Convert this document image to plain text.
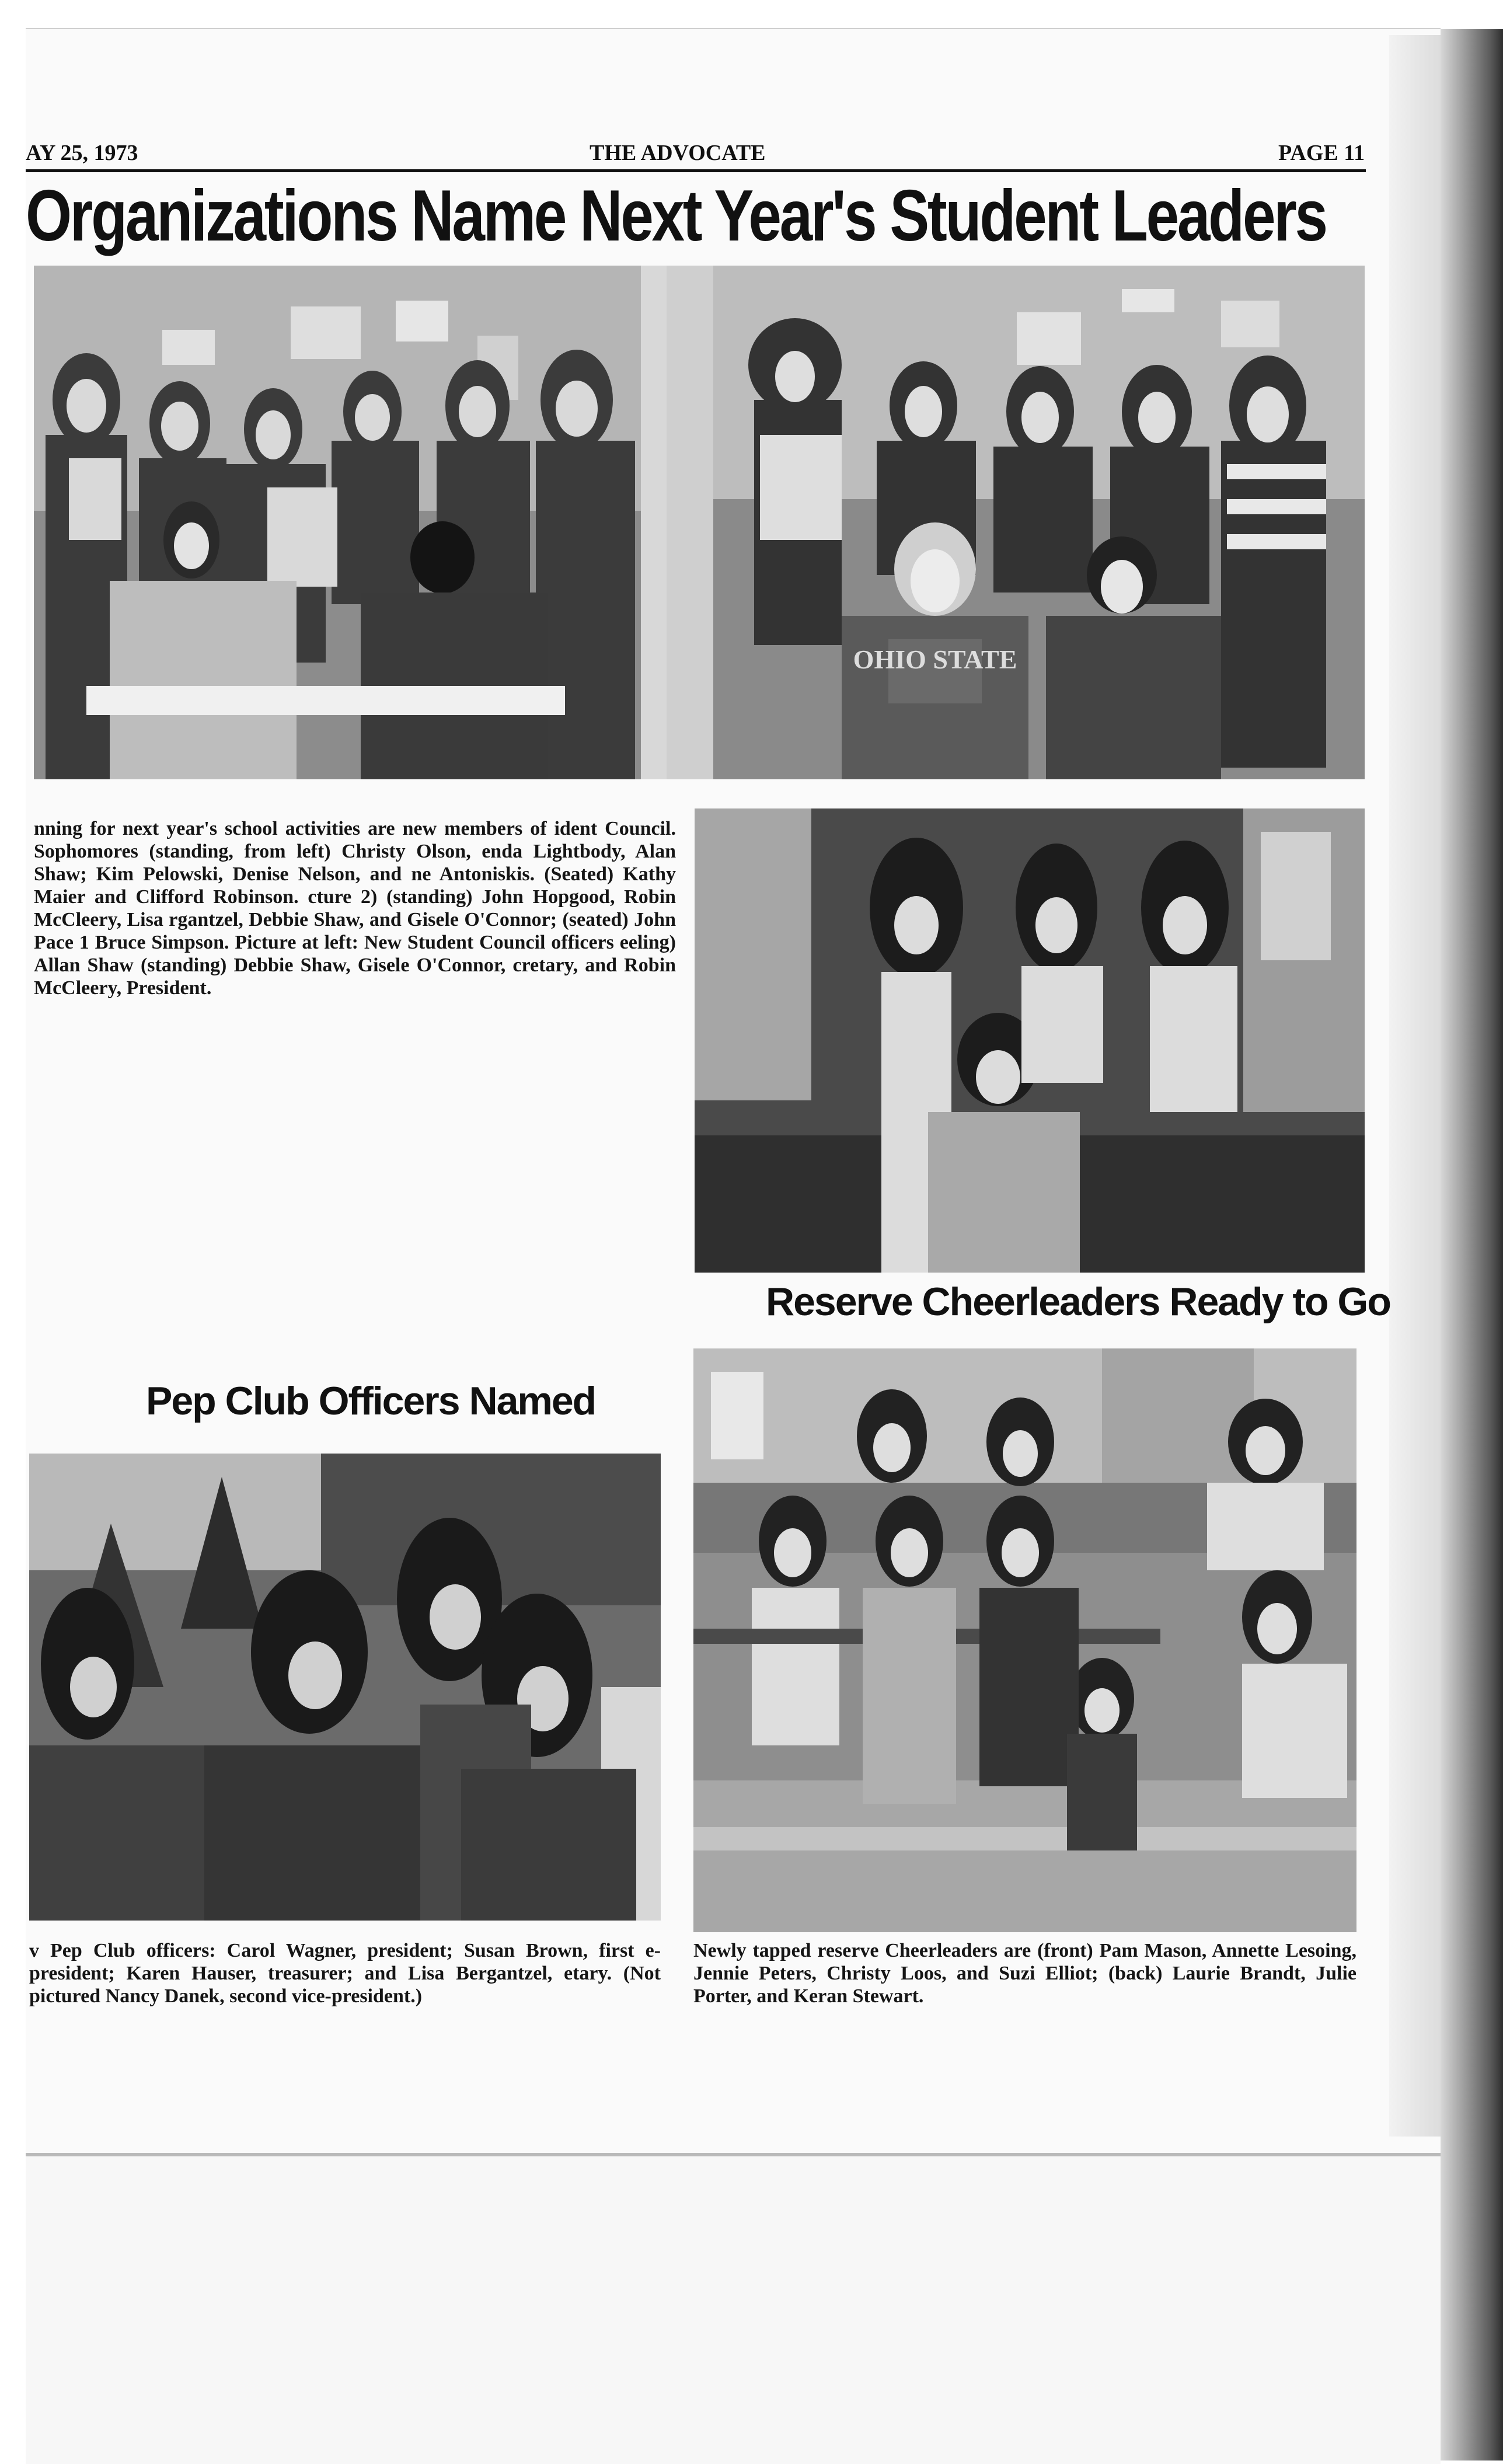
AY 25, 1973	THE ADVOCATE	PAGE 11
Organizations Name Next Year's Student Leaders
OHIO STATE

nning for next year's school activities are new members of ident Council. Sophomores (standing, from left) Christy Olson, enda Lightbody, Alan Shaw; Kim Pelowski, Denise Nelson, and ne Antoniskis. (Seated) Kathy Maier and Clifford Robinson. cture 2) (standing) John Hopgood, Robin McCleery, Lisa rgantzel, Debbie Shaw, and Gisele O'Connor; (seated) John Pace 1 Bruce Simpson. Picture at left: New Student Council officers eeling) Allan Shaw (standing) Debbie Shaw, Gisele O'Connor, cretary, and Robin McCleery, President.

Reserve Cheerleaders Ready to Go
Pep Club Officers Named

v Pep Club officers: Carol Wagner, president; Susan Brown, first e-president; Karen Hauser, treasurer; and Lisa Bergantzel, etary. (Not pictured Nancy Danek, second vice-president.)

Newly tapped reserve Cheerleaders are (front) Pam Mason, Annette Lesoing, Jennie Peters, Christy Loos, and Suzi Elliot; (back) Laurie Brandt, Julie Porter, and Keran Stewart.
